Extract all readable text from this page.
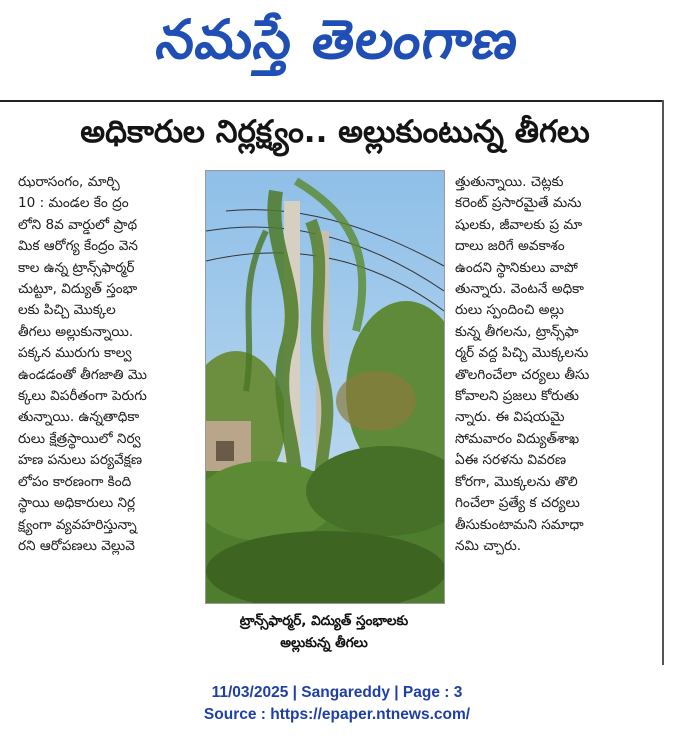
నమస్తే తెలంగాణ
అధికారుల నిర్లక్ష్యం.. అల్లుకుంటున్న తీగలు
ఝరాసంగం, మార్చి
10 : మండల కేం ద్రం
లోని 8వ వార్డులో ప్రాథ
మిక ఆరోగ్య కేంద్రం వెన
కాల ఉన్న ట్రాన్స్‌ఫార్మర్
చుట్టూ, విద్యుత్ స్తంభా
లకు పిచ్చి మొక్కల
తీగలు అల్లుకున్నాయి.
పక్కన మురుగు కాల్వ
ఉండడంతో తీగజాతి మొ
క్కలు విపరీతంగా పెరుగు
తున్నాయి. ఉన్నతాధికా
రులు క్షేత్రస్థాయిలో నిర్వ
హణ పనులు పర్యవేక్షణ
లోపం కారణంగా కింది
స్థాయి అధికారులు నిర్ల
క్ష్యంగా వ్యవహరిస్తున్నా
రని ఆరోపణలు వెల్లువె
ట్రాన్స్‌ఫార్మర్, విద్యుత్ స్తంభాలకు
అల్లుకున్న తీగలు
త్తుతున్నాయి. చెట్లకు
కరెంట్ ప్రసారమైతే మను
షులకు, జీవాలకు ప్ర మా
దాలు జరిగే అవకాశం
ఉందని స్థానికులు వాపో
తున్నారు. వెంటనే అధికా
రులు స్పందించి అల్లు
కున్న తీగలను, ట్రాన్స్‌ఫా
ర్మర్ వద్ద పిచ్చి మొక్కలను
తొలగించేలా చర్యలు తీసు
కోవాలని ప్రజలు కోరుతు
న్నారు. ఈ విషయమై
సోమవారం విద్యుత్‌శాఖ
ఏఈ సరళను వివరణ
కోరగా, మొక్కలను తొలి
గించేలా ప్రత్యే క చర్యలు
తీసుకుంటామని సమాధా
నమి చ్చారు.
11/03/2025 | Sangareddy | Page : 3
Source : https://epaper.ntnews.com/
